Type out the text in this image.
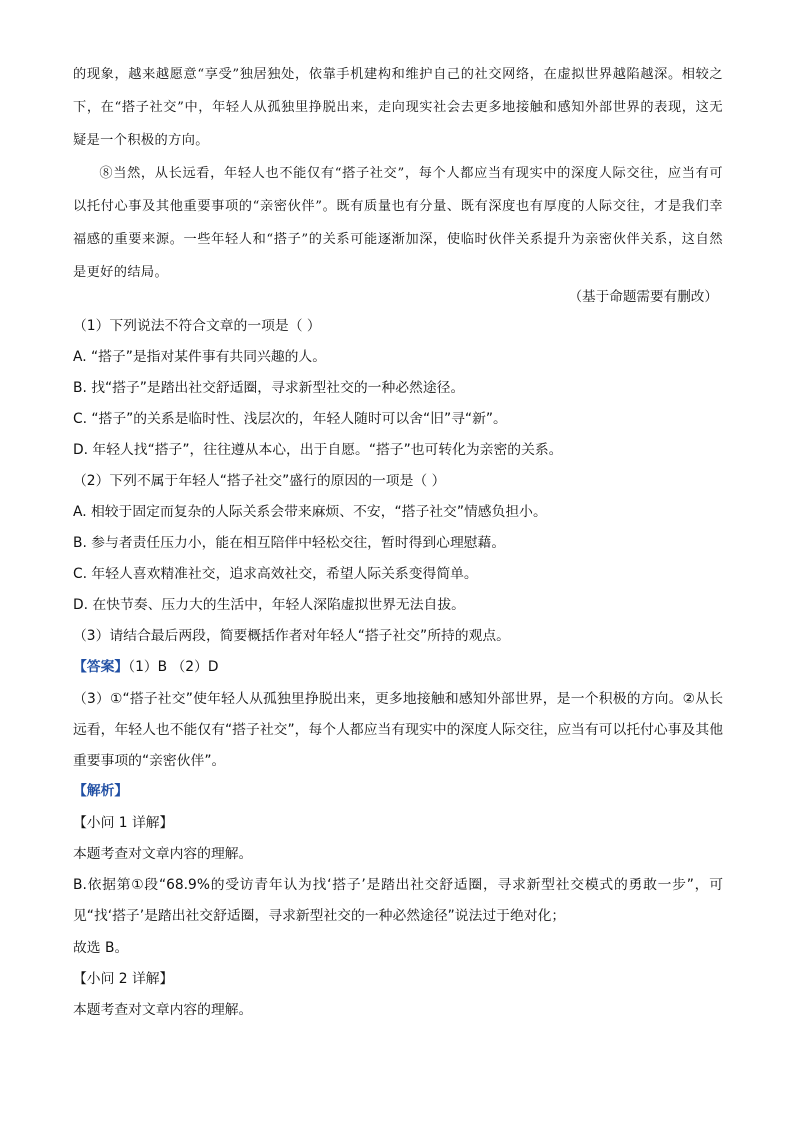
的现象，越来越愿意“享受”独居独处，依靠手机建构和维护自己的社交网络，在虚拟世界越陷越深。相较之下，在“搭子社交”中，年轻人从孤独里挣脱出来，走向现实社会去更多地接触和感知外部世界的表现，这无疑是一个积极的方向。

⑧当然，从长远看，年轻人也不能仅有“搭子社交”，每个人都应当有现实中的深度人际交往，应当有可以托付心事及其他重要事项的“亲密伙伴”。既有质量也有分量、既有深度也有厚度的人际交往，才是我们幸福感的重要来源。一些年轻人和“搭子”的关系可能逐渐加深，使临时伙伴关系提升为亲密伙伴关系，这自然是更好的结局。

（基于命题需要有删改）
（1）下列说法不符合文章的一项是（ ）
A. “搭子”是指对某件事有共同兴趣的人。
B. 找“搭子”是踏出社交舒适圈，寻求新型社交的一种必然途径。
C. “搭子”的关系是临时性、浅层次的，年轻人随时可以舍“旧”寻“新”。
D. 年轻人找“搭子”，往往遵从本心，出于自愿。“搭子”也可转化为亲密的关系。
（2）下列不属于年轻人“搭子社交”盛行的原因的一项是（ ）
A. 相较于固定而复杂的人际关系会带来麻烦、不安，“搭子社交”情感负担小。
B. 参与者责任压力小，能在相互陪伴中轻松交往，暂时得到心理慰藉。
C. 年轻人喜欢精准社交，追求高效社交，希望人际关系变得简单。
D. 在快节奏、压力大的生活中，年轻人深陷虚拟世界无法自拔。
（3）请结合最后两段，简要概括作者对年轻人“搭子社交”所持的观点。
【答案】（1）B （2）D
（3）①“搭子社交”使年轻人从孤独里挣脱出来，更多地接触和感知外部世界，是一个积极的方向。②从长远看，年轻人也不能仅有“搭子社交”，每个人都应当有现实中的深度人际交往，应当有可以托付心事及其他重要事项的“亲密伙伴”。
【解析】
【小问 1 详解】
本题考查对文章内容的理解。
B.依据第①段“68.9%的受访青年认为找‘搭子’是踏出社交舒适圈，寻求新型社交模式的勇敢一步”，可见“找‘搭子’是踏出社交舒适圈，寻求新型社交的一种必然途径”说法过于绝对化；
故选 B。
【小问 2 详解】
本题考查对文章内容的理解。
